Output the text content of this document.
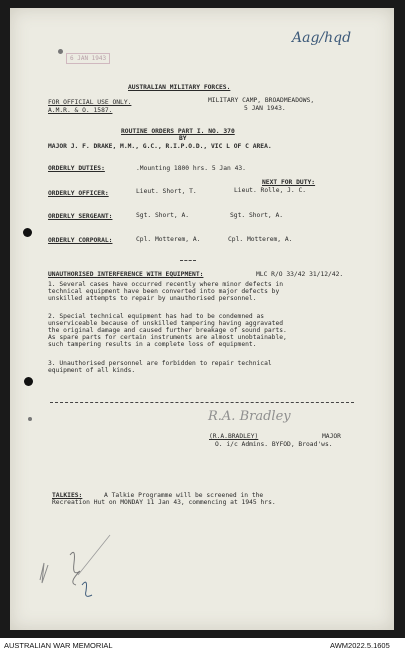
6 JAN 1943
Aag/hqd
AUSTRALIAN MILITARY FORCES.
FOR OFFICIAL USE ONLY.
A.M.R. & O. 1587.
MILITARY CAMP, BROADMEADOWS,
5 JAN 1943.
ROUTINE ORDERS PART I. NO. 370
BY
MAJOR J. F. DRAKE, M.M., G.C., R.I.P.O.D., VIC L OF C AREA.
ORDERLY DUTIES:	.Mounting 1800 hrs. 5 Jan 43.
NEXT FOR DUTY:
ORDERLY OFFICER:	Lieut. Short, T.	Lieut. Rolle, J. C.
ORDERLY SERGEANT:	Sgt. Short, A.	Sgt. Short, A.
ORDERLY CORPORAL:	Cpl. Motterem, A.	Cpl. Motterem, A.
UNAUTHORISED INTERFERENCE WITH EQUIPMENT:	MLC R/O 33/42 31/12/42.
1. Several cases have occurred recently where minor defects in
technical equipment have been converted into major defects by
unskilled attempts to repair by unauthorised personnel.
2. Special technical equipment has had to be condemned as
unserviceable because of unskilled tampering having aggravated
the original damage and caused further breakage of sound parts.
As spare parts for certain instruments are almost unobtainable,
such tampering results in a complete loss of equipment.
3. Unauthorised personnel are forbidden to repair technical
equipment of all kinds.
R.A. Bradley
(R.A.BRADLEY)	MAJOR
O. i/c Admins. BYFOD, Broad'ws.
TALKIES:	A Talkie Programme will be screened in the
Recreation Hut on MONDAY 11 Jan 43, commencing at 1945 hrs.
AUSTRALIAN WAR MEMORIAL	AWM2022.5.1605
